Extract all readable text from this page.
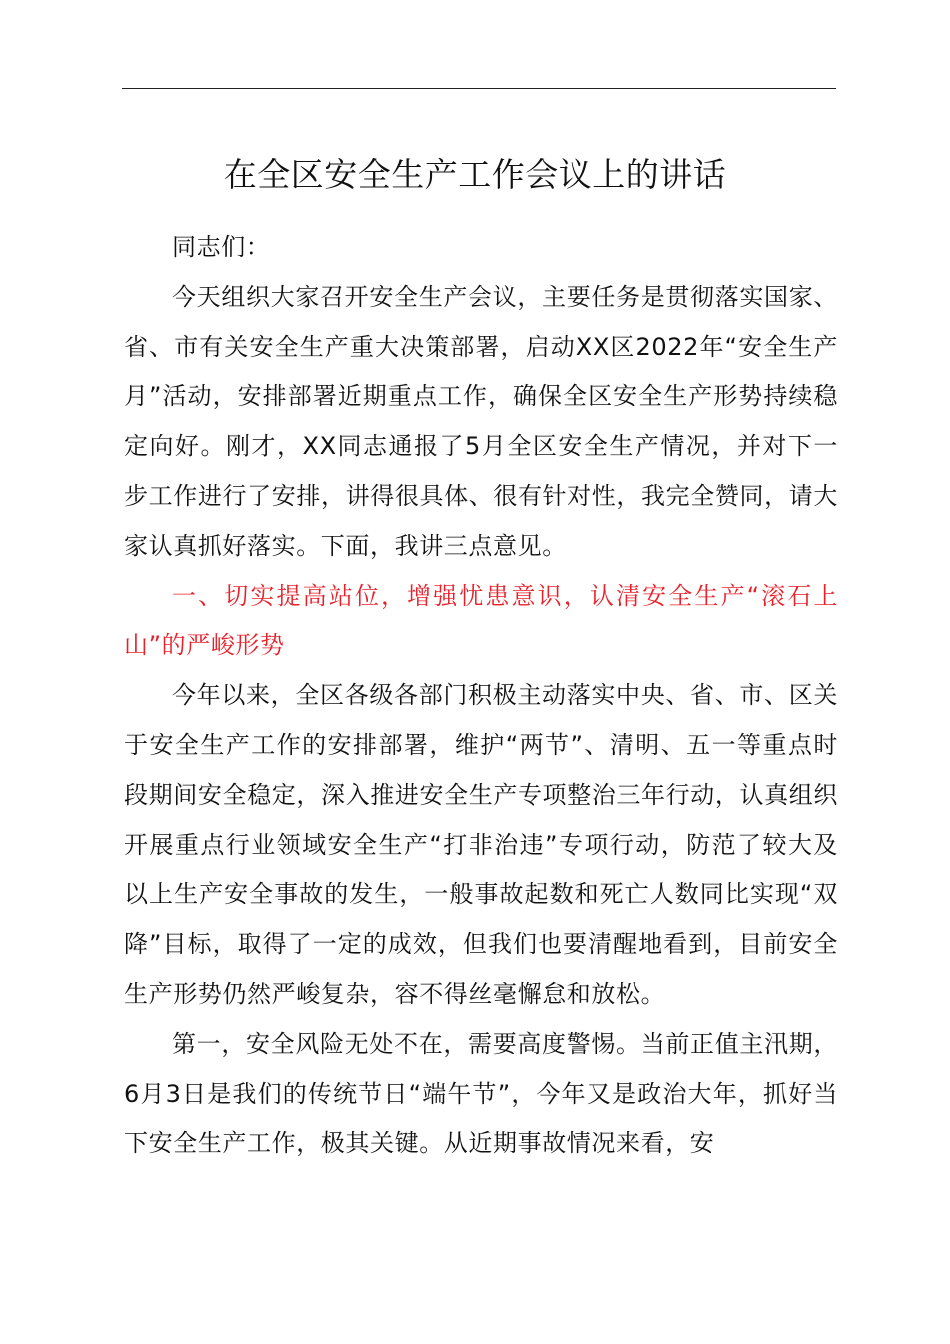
在全区安全生产工作会议上的讲话

同志们：

今天组织大家召开安全生产会议，主要任务是贯彻落实国家、省、市有关安全生产重大决策部署，启动XX区2022年“安全生产月”活动，安排部署近期重点工作，确保全区安全生产形势持续稳定向好。刚才，XX同志通报了5月全区安全生产情况，并对下一步工作进行了安排，讲得很具体、很有针对性，我完全赞同，请大家认真抓好落实。下面，我讲三点意见。

一、切实提高站位，增强忧患意识，认清安全生产“滚石上山”的严峻形势

今年以来，全区各级各部门积极主动落实中央、省、市、区关于安全生产工作的安排部署，维护“两节”、清明、五一等重点时段期间安全稳定，深入推进安全生产专项整治三年行动，认真组织开展重点行业领域安全生产“打非治违”专项行动，防范了较大及以上生产安全事故的发生，一般事故起数和死亡人数同比实现“双降”目标，取得了一定的成效，但我们也要清醒地看到，目前安全生产形势仍然严峻复杂，容不得丝毫懈怠和放松。

第一，安全风险无处不在，需要高度警惕。当前正值主汛期，6月3日是我们的传统节日“端午节”，今年又是政治大年，抓好当下安全生产工作，极其关键。从近期事故情况来看，安
